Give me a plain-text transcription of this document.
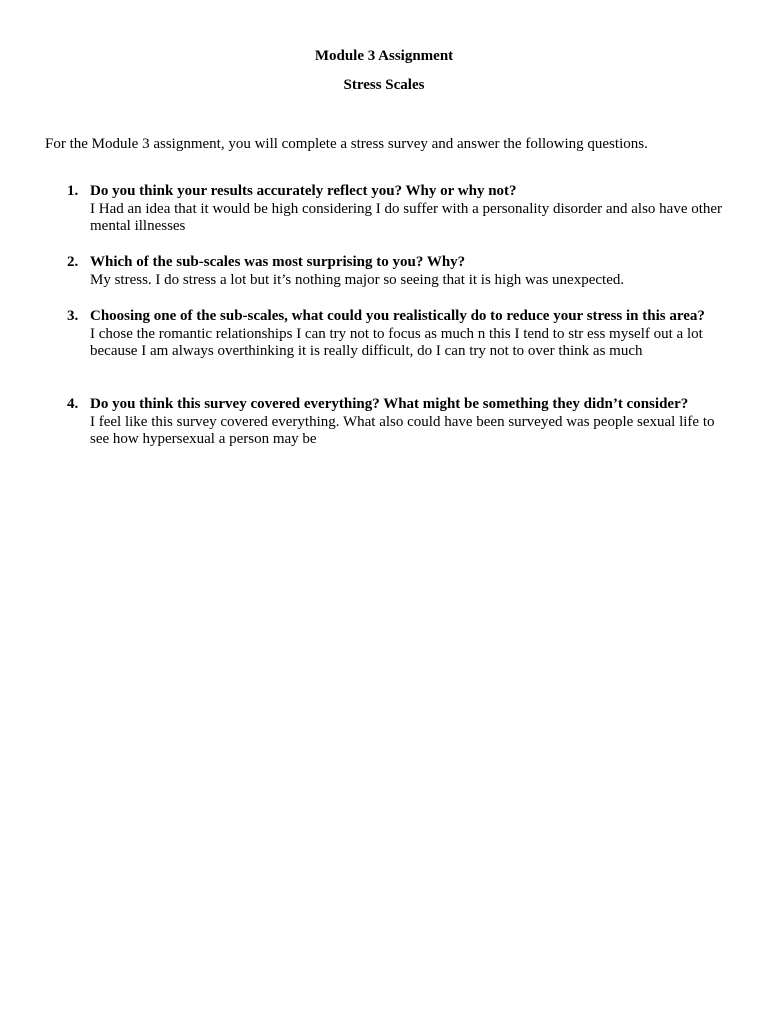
Module 3 Assignment
Stress Scales
For the Module 3 assignment, you will complete a stress survey and answer the following questions.
1. Do you think your results accurately reflect you? Why or why not?
I Had an idea that it would be high considering I do suffer with a personality disorder and also have other mental illnesses
2. Which of the sub-scales was most surprising to you? Why?
My stress. I do stress a lot but it’s nothing major so seeing that it is high was unexpected.
3. Choosing one of the sub-scales, what could you realistically do to reduce your stress in this area?
I chose the romantic relationships I can try not to focus as much n this I tend to str ess myself out a lot because I am always overthinking it is really difficult, do I can try not to over think as much
4. Do you think this survey covered everything? What might be something they didn’t consider?
I feel like this survey covered everything. What also could have been surveyed was people sexual life to see how hypersexual a person may be
